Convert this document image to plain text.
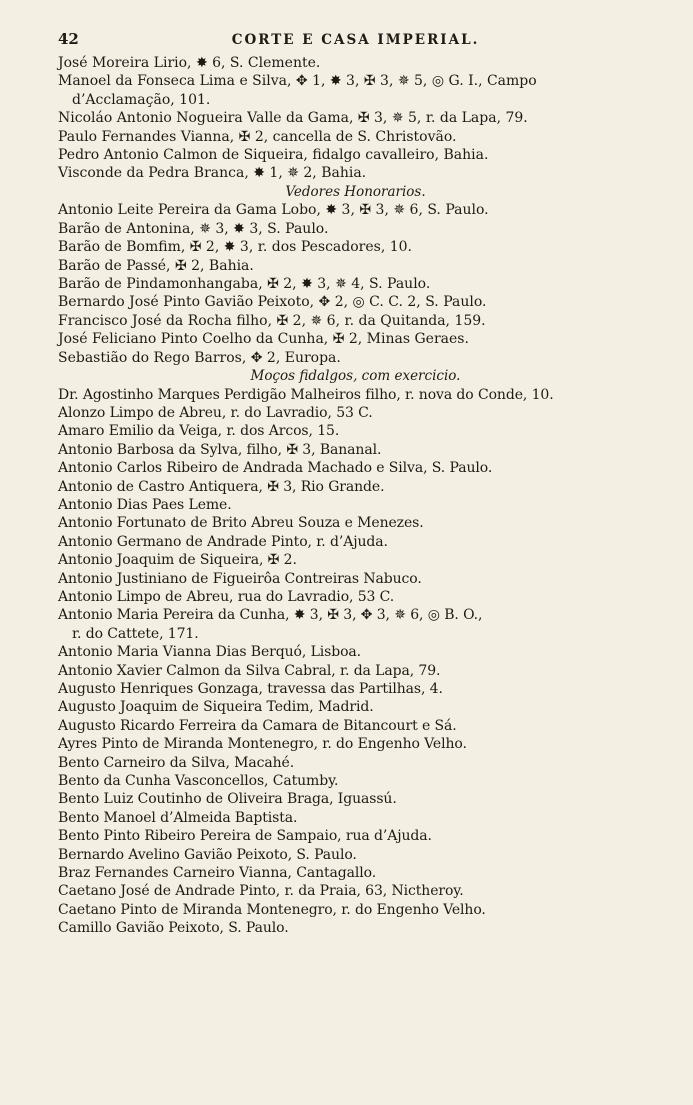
42	CORTE E CASA IMPERIAL.
José Moreira Lirio, ✸ 6, S. Clemente.
Manoel da Fonseca Lima e Silva, ✥ 1, ✸ 3, ✠ 3, ✵ 5, ◎ G. I., Campo
d’Acclamação, 101.
Nicoláo Antonio Nogueira Valle da Gama, ✠ 3, ✵ 5, r. da Lapa, 79.
Paulo Fernandes Vianna, ✠ 2, cancella de S. Christovão.
Pedro Antonio Calmon de Siqueira, fidalgo cavalleiro, Bahia.
Visconde da Pedra Branca, ✸ 1, ✵ 2, Bahia.
Vedores Honorarios.
Antonio Leite Pereira da Gama Lobo, ✸ 3, ✠ 3, ✵ 6, S. Paulo.
Barão de Antonina, ✵ 3, ✸ 3, S. Paulo.
Barão de Bomfim, ✠ 2, ✸ 3, r. dos Pescadores, 10.
Barão de Passé, ✠ 2, Bahia.
Barão de Pindamonhangaba, ✠ 2, ✸ 3, ✵ 4, S. Paulo.
Bernardo José Pinto Gavião Peixoto, ✥ 2, ◎ C. C. 2, S. Paulo.
Francisco José da Rocha filho, ✠ 2, ✵ 6, r. da Quitanda, 159.
José Feliciano Pinto Coelho da Cunha, ✠ 2, Minas Geraes.
Sebastião do Rego Barros, ✥ 2, Europa.
Moços fidalgos, com exercicio.
Dr. Agostinho Marques Perdigão Malheiros filho, r. nova do Conde, 10.
Alonzo Limpo de Abreu, r. do Lavradio, 53 C.
Amaro Emilio da Veiga, r. dos Arcos, 15.
Antonio Barbosa da Sylva, filho, ✠ 3, Bananal.
Antonio Carlos Ribeiro de Andrada Machado e Silva, S. Paulo.
Antonio de Castro Antiquera, ✠ 3, Rio Grande.
Antonio Dias Paes Leme.
Antonio Fortunato de Brito Abreu Souza e Menezes.
Antonio Germano de Andrade Pinto, r. d’Ajuda.
Antonio Joaquim de Siqueira, ✠ 2.
Antonio Justiniano de Figueirôa Contreiras Nabuco.
Antonio Limpo de Abreu, rua do Lavradio, 53 C.
Antonio Maria Pereira da Cunha, ✸ 3, ✠ 3, ✥ 3, ✵ 6, ◎ B. O.,
r. do Cattete, 171.
Antonio Maria Vianna Dias Berquó, Lisboa.
Antonio Xavier Calmon da Silva Cabral, r. da Lapa, 79.
Augusto Henriques Gonzaga, travessa das Partilhas, 4.
Augusto Joaquim de Siqueira Tedim, Madrid.
Augusto Ricardo Ferreira da Camara de Bitancourt e Sá.
Ayres Pinto de Miranda Montenegro, r. do Engenho Velho.
Bento Carneiro da Silva, Macahé.
Bento da Cunha Vasconcellos, Catumby.
Bento Luiz Coutinho de Oliveira Braga, Iguassú.
Bento Manoel d’Almeida Baptista.
Bento Pinto Ribeiro Pereira de Sampaio, rua d’Ajuda.
Bernardo Avelino Gavião Peixoto, S. Paulo.
Braz Fernandes Carneiro Vianna, Cantagallo.
Caetano José de Andrade Pinto, r. da Praia, 63, Nictheroy.
Caetano Pinto de Miranda Montenegro, r. do Engenho Velho.
Camillo Gavião Peixoto, S. Paulo.
